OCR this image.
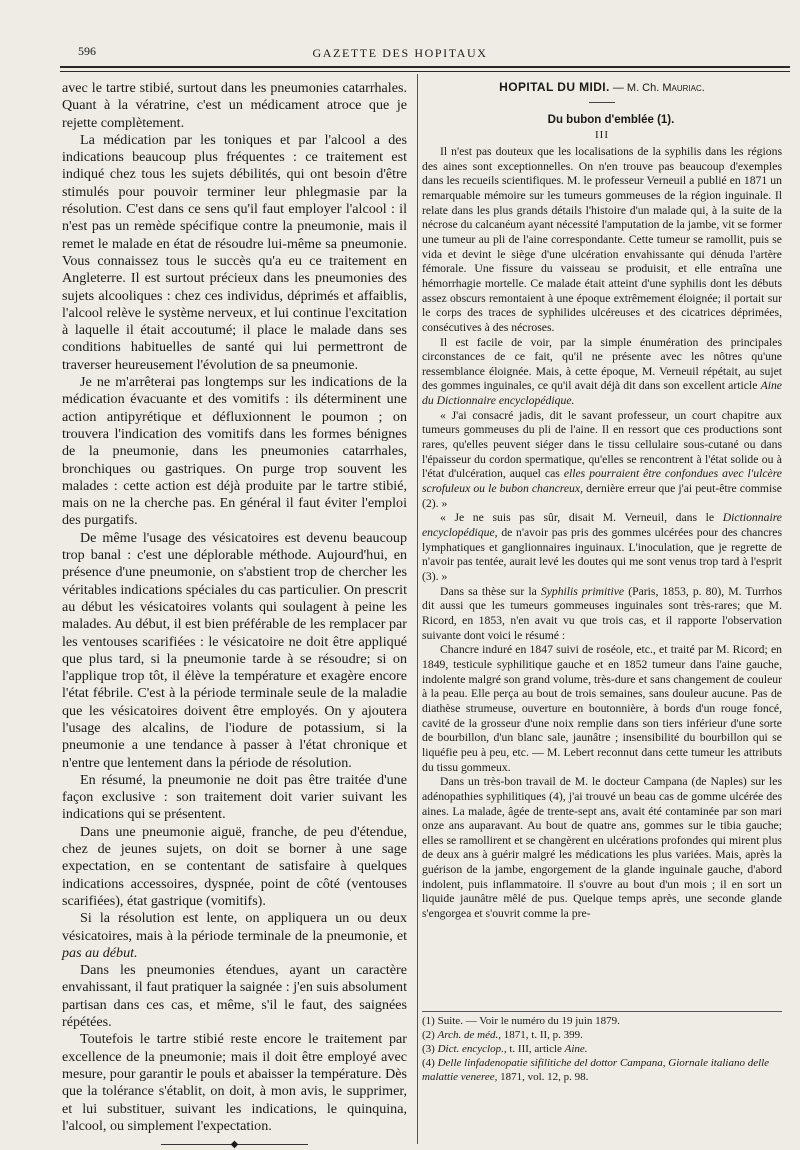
596	GAZETTE DES HOPITAUX

avec le tartre stibié, surtout dans les pneumonies catarrhales. Quant à la vératrine, c'est un médicament atroce que je rejette complètement.

La médication par les toniques et par l'alcool a des indications beaucoup plus fréquentes : ce traitement est indiqué chez tous les sujets débilités, qui ont besoin d'être stimulés pour pouvoir terminer leur phlegmasie par la résolution. C'est dans ce sens qu'il faut employer l'alcool : il n'est pas un remède spécifique contre la pneumonie, mais il remet le malade en état de résoudre lui-même sa pneumonie. Vous connaissez tous le succès qu'a eu ce traitement en Angleterre. Il est surtout précieux dans les pneumonies des sujets alcooliques : chez ces individus, déprimés et affaiblis, l'alcool relève le système nerveux, et lui continue l'excitation à laquelle il était accoutumé; il place le malade dans ses conditions habituelles de santé qui lui permettront de traverser heureusement l'évolution de sa pneumonie.

Je ne m'arrêterai pas longtemps sur les indications de la médication évacuante et des vomitifs : ils déterminent une action antipyrétique et défluxionnent le poumon ; on trouvera l'indication des vomitifs dans les formes bénignes de la pneumonie, dans les pneumonies catarrhales, bronchiques ou gastriques. On purge trop souvent les malades : cette action est déjà produite par le tartre stibié, mais on ne la cherche pas. En général il faut éviter l'emploi des purgatifs.

De même l'usage des vésicatoires est devenu beaucoup trop banal : c'est une déplorable méthode. Aujourd'hui, en présence d'une pneumonie, on s'abstient trop de chercher les véritables indications spéciales du cas particulier. On prescrit au début les vésicatoires volants qui soulagent à peine les malades. Au début, il est bien préférable de les remplacer par les ventouses scarifiées : le vésicatoire ne doit être appliqué que plus tard, si la pneumonie tarde à se résoudre; si on l'applique trop tôt, il élève la température et exagère encore l'état fébrile. C'est à la période terminale seule de la maladie que les vésicatoires doivent être employés. On y ajoutera l'usage des alcalins, de l'iodure de potassium, si la pneumonie a une tendance à passer à l'état chronique et n'entre que lentement dans la période de résolution.

En résumé, la pneumonie ne doit pas être traitée d'une façon exclusive : son traitement doit varier suivant les indications qui se présentent.

Dans une pneumonie aiguë, franche, de peu d'étendue, chez de jeunes sujets, on doit se borner à une sage expectation, en se contentant de satisfaire à quelques indications accessoires, dyspnée, point de côté (ventouses scarifiées), état gastrique (vomitifs).

Si la résolution est lente, on appliquera un ou deux vésicatoires, mais à la période terminale de la pneumonie, et pas au début.

Dans les pneumonies étendues, ayant un caractère envahissant, il faut pratiquer la saignée : j'en suis absolument partisan dans ces cas, et même, s'il le faut, des saignées répétées.

Toutefois le tartre stibié reste encore le traitement par excellence de la pneumonie; mais il doit être employé avec mesure, pour garantir le pouls et abaisser la température. Dès que la tolérance s'établit, on doit, à mon avis, le supprimer, et lui substituer, suivant les indications, le quinquina, l'alcool, ou simplement l'expectation.

◆
HOPITAL DU MIDI. — M. Ch. Mauriac.

Du bubon d'emblée (1).

III

Il n'est pas douteux que les localisations de la syphilis dans les régions des aines sont exceptionnelles. On n'en trouve pas beaucoup d'exemples dans les recueils scientifiques. M. le professeur Verneuil a publié en 1871 un remarquable mémoire sur les tumeurs gommeuses de la région inguinale. Il relate dans les plus grands détails l'histoire d'un malade qui, à la suite de la nécrose du calcanéum ayant nécessité l'amputation de la jambe, vit se former une tumeur au pli de l'aine correspondante. Cette tumeur se ramollit, puis se vida et devint le siège d'une ulcération envahissante qui dénuda l'artère fémorale. Une fissure du vaisseau se produisit, et elle entraîna une hémorrhagie mortelle. Ce malade était atteint d'une syphilis dont les débuts assez obscurs remontaient à une époque extrêmement éloignée; il portait sur le corps des traces de syphilides ulcéreuses et des cicatrices déprimées, consécutives à des nécroses.

Il est facile de voir, par la simple énumération des principales circonstances de ce fait, qu'il ne présente avec les nôtres qu'une ressemblance éloignée. Mais, à cette époque, M. Verneuil répétait, au sujet des gommes inguinales, ce qu'il avait déjà dit dans son excellent article Aine du Dictionnaire encyclopédique.

« J'ai consacré jadis, dit le savant professeur, un court chapitre aux tumeurs gommeuses du pli de l'aine. Il en ressort que ces productions sont rares, qu'elles peuvent siéger dans le tissu cellulaire sous-cutané ou dans l'épaisseur du cordon spermatique, qu'elles se rencontrent à l'état solide ou à l'état d'ulcération, auquel cas elles pourraient être confondues avec l'ulcère scrofuleux ou le bubon chancreux, dernière erreur que j'ai peut-être commise (2). »

« Je ne suis pas sûr, disait M. Verneuil, dans le Dictionnaire encyclopédique, de n'avoir pas pris des gommes ulcérées pour des chancres lymphatiques et ganglionnaires inguinaux. L'inoculation, que je regrette de n'avoir pas tentée, aurait levé les doutes qui me sont venus trop tard à l'esprit (3). »

Dans sa thèse sur la Syphilis primitive (Paris, 1853, p. 80), M. Turrhos dit aussi que les tumeurs gommeuses inguinales sont très-rares; que M. Ricord, en 1853, n'en avait vu que trois cas, et il rapporte l'observation suivante dont voici le résumé :

Chancre induré en 1847 suivi de roséole, etc., et traité par M. Ricord; en 1849, testicule syphilitique gauche et en 1852 tumeur dans l'aine gauche, indolente malgré son grand volume, très-dure et sans changement de couleur à la peau. Elle perça au bout de trois semaines, sans douleur aucune. Pas de diathèse strumeuse, ouverture en boutonnière, à bords d'un rouge foncé, cavité de la grosseur d'une noix remplie dans son tiers inférieur d'une sorte de bourbillon, d'un blanc sale, jaunâtre ; insensibilité du bourbillon qui se liquéfie peu à peu, etc. — M. Lebert reconnut dans cette tumeur les attributs du tissu gommeux.

Dans un très-bon travail de M. le docteur Campana (de Naples) sur les adénopathies syphilitiques (4), j'ai trouvé un beau cas de gomme ulcérée des aines. La malade, âgée de trente-sept ans, avait été contaminée par son mari onze ans auparavant. Au bout de quatre ans, gommes sur le tibia gauche; elles se ramollirent et se changèrent en ulcérations profondes qui mirent plus de deux ans à guérir malgré les médications les plus variées. Mais, après la guérison de la jambe, engorgement de la glande inguinale gauche, d'abord indolent, puis inflammatoire. Il s'ouvre au bout d'un mois ; il en sort un liquide jaunâtre mêlé de pus. Quelque temps après, une seconde glande s'engorgea et s'ouvrit comme la pre-

(1) Suite. — Voir le numéro du 19 juin 1879.
(2) Arch. de méd., 1871, t. II, p. 399.
(3) Dict. encyclop., t. III, article Aine.
(4) Delle linfadenopatie sifilitiche del dottor Campana, Giornale italiano delle malattie veneree, 1871, vol. 12, p. 98.
